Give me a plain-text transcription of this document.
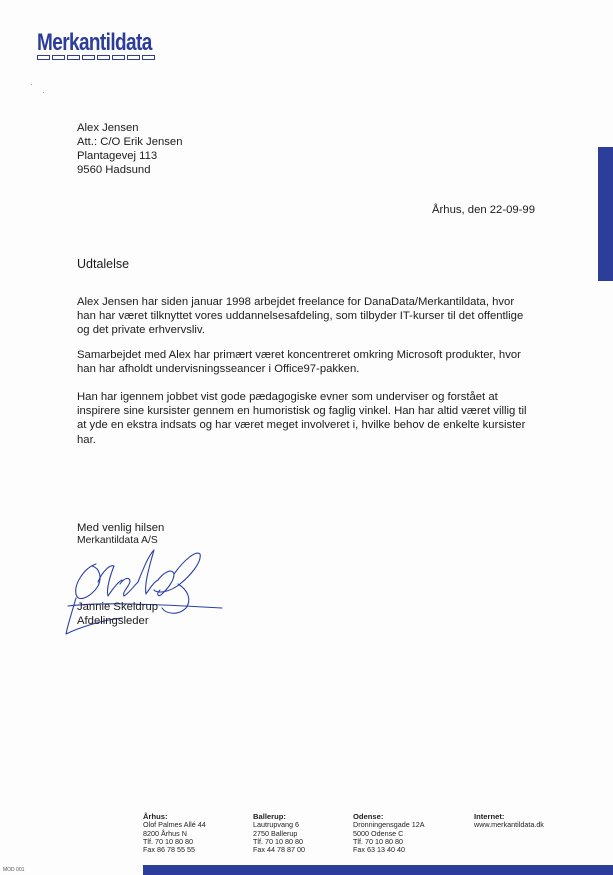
Merkantildata
·
·
Alex Jensen
Att.: C/O Erik Jensen
Plantagevej 113
9560 Hadsund
Århus, den 22-09-99
Udtalelse

Alex Jensen har siden januar 1998 arbejdet freelance for DanaData/Merkantildata, hvor

han har været tilknyttet vores uddannelsesafdeling, som tilbyder IT-kurser til det offentlige

og det private erhvervsliv.

Samarbejdet med Alex har primært været koncentreret omkring Microsoft produkter, hvor

han har afholdt undervisningsseancer i Office97-pakken.

Han har igennem jobbet vist gode pædagogiske evner som underviser og forstået at

inspirere sine kursister gennem en humoristisk og faglig vinkel. Han har altid været villig til

at yde en ekstra indsats og har været meget involveret i, hvilke behov de enkelte kursister

har.

Med venlig hilsen
Merkantildata A/S
Jannie Skeldrup
Afdelingsleder
Århus:
Olof Palmes Allé 44
8200 Århus N
Tlf. 70 10 80 80
Fax 86 78 55 55
Ballerup:
Lautrupvang 6
2750 Ballerup
Tlf. 70 10 80 80
Fax 44 78 87 00
Odense:
Dronningensgade 12A
5000 Odense C
Tlf. 70 10 80 80
Fax 63 13 40 40
Internet:
www.merkantildata.dk
MOD 001
